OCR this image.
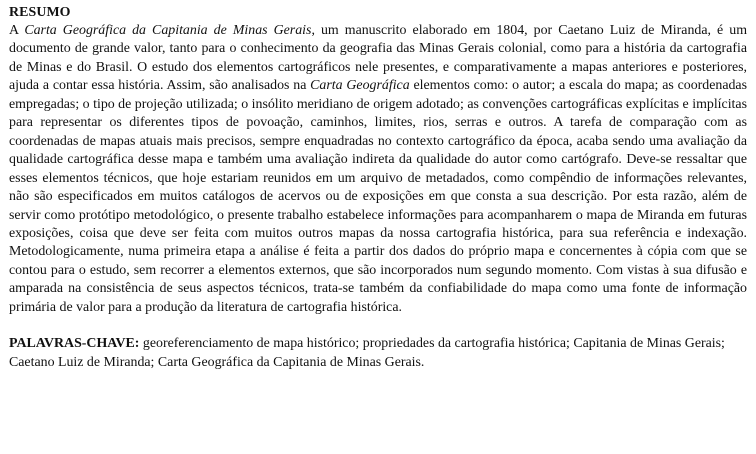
RESUMO

A Carta Geográfica da Capitania de Minas Gerais, um manuscrito elaborado em 1804, por Caetano Luiz de Miranda, é um documento de grande valor, tanto para o conhecimento da geografia das Minas Gerais colonial, como para a história da cartografia de Minas e do Brasil. O estudo dos elementos cartográficos nele presentes, e comparativamente a mapas anteriores e posteriores, ajuda a contar essa história. Assim, são analisados na Carta Geográfica elementos como: o autor; a escala do mapa; as coordenadas empregadas; o tipo de projeção utilizada; o insólito meridiano de origem adotado; as convenções cartográficas explícitas e implícitas para representar os diferentes tipos de povoação, caminhos, limites, rios, serras e outros. A tarefa de comparação com as coordenadas de mapas atuais mais precisos, sempre enquadradas no contexto cartográfico da época, acaba sendo uma avaliação da qualidade cartográfica desse mapa e também uma avaliação indireta da qualidade do autor como cartógrafo. Deve-se ressaltar que esses elementos técnicos, que hoje estariam reunidos em um arquivo de metadados, como compêndio de informações relevantes, não são especificados em muitos catálogos de acervos ou de exposições em que consta a sua descrição. Por esta razão, além de servir como protótipo metodológico, o presente trabalho estabelece informações para acompanharem o mapa de Miranda em futuras exposições, coisa que deve ser feita com muitos outros mapas da nossa cartografia histórica, para sua referência e indexação. Metodologicamente, numa primeira etapa a análise é feita a partir dos dados do próprio mapa e concernentes à cópia com que se contou para o estudo, sem recorrer a elementos externos, que são incorporados num segundo momento. Com vistas à sua difusão e amparada na consistência de seus aspectos técnicos, trata-se também da confiabilidade do mapa como uma fonte de informação primária de valor para a produção da literatura de cartografia histórica.

PALAVRAS-CHAVE: georeferenciamento de mapa histórico; propriedades da cartografia histórica; Capitania de Minas Gerais; Caetano Luiz de Miranda; Carta Geográfica da Capitania de Minas Gerais.
